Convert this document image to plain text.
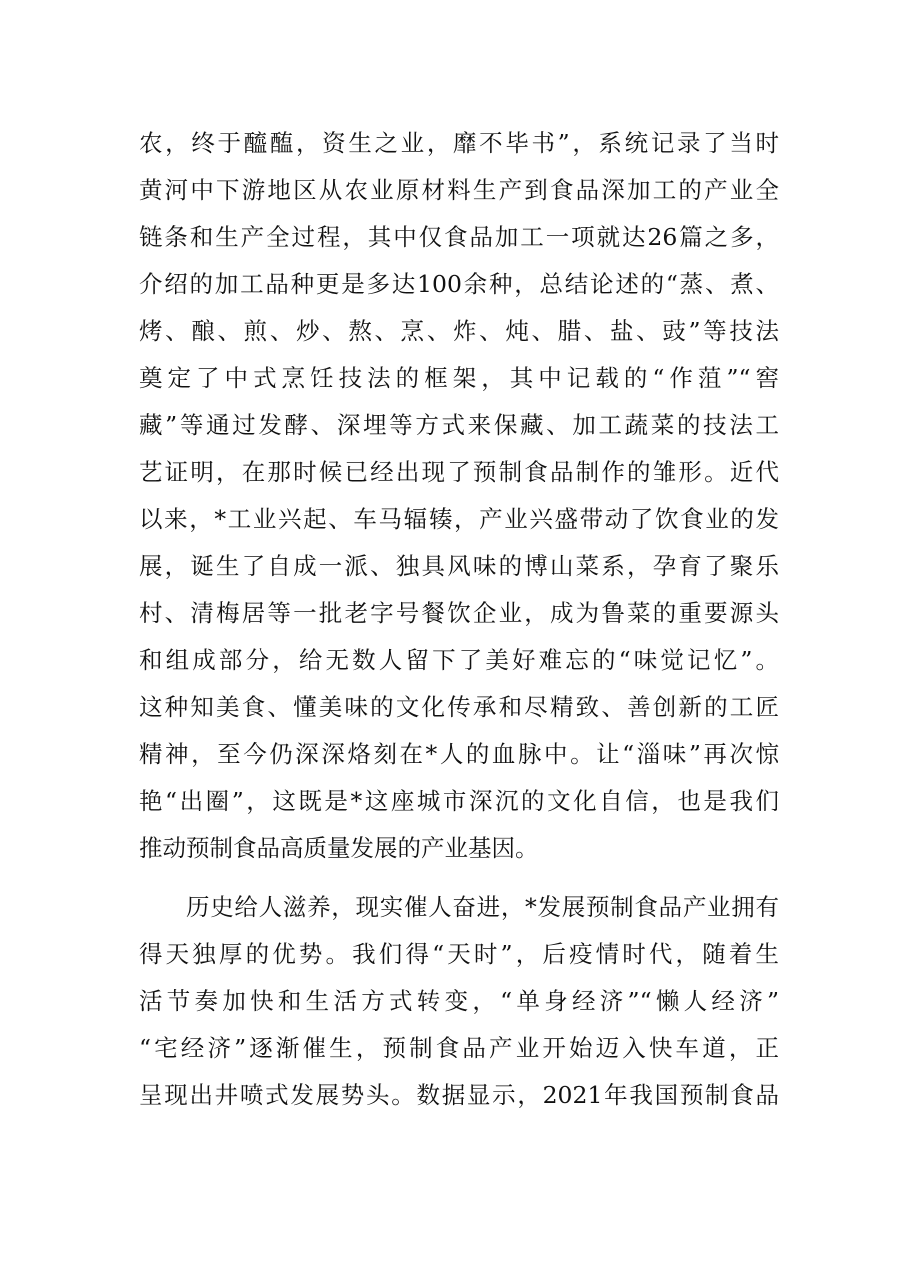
农，终于醯醢，资生之业，靡不毕书”，系统记录了当时
黄河中下游地区从农业原材料生产到食品深加工的产业全
链条和生产全过程，其中仅食品加工一项就达26篇之多，
介绍的加工品种更是多达100余种，总结论述的“蒸、煮、
烤、酿、煎、炒、熬、烹、炸、炖、腊、盐、豉”等技法
奠定了中式烹饪技法的框架，其中记载的“作菹”“窖
藏”等通过发酵、深埋等方式来保藏、加工蔬菜的技法工
艺证明，在那时候已经出现了预制食品制作的雏形。近代
以来，*工业兴起、车马辐辏，产业兴盛带动了饮食业的发
展，诞生了自成一派、独具风味的博山菜系，孕育了聚乐
村、清梅居等一批老字号餐饮企业，成为鲁菜的重要源头
和组成部分，给无数人留下了美好难忘的“味觉记忆”。
这种知美食、懂美味的文化传承和尽精致、善创新的工匠
精神，至今仍深深烙刻在*人的血脉中。让“淄味”再次惊
艳“出圈”，这既是*这座城市深沉的文化自信，也是我们
推动预制食品高质量发展的产业基因。
历史给人滋养，现实催人奋进，*发展预制食品产业拥有
得天独厚的优势。我们得“天时”，后疫情时代，随着生
活节奏加快和生活方式转变，“单身经济”“懒人经济”
“宅经济”逐渐催生，预制食品产业开始迈入快车道，正
呈现出井喷式发展势头。数据显示，2021年我国预制食品
